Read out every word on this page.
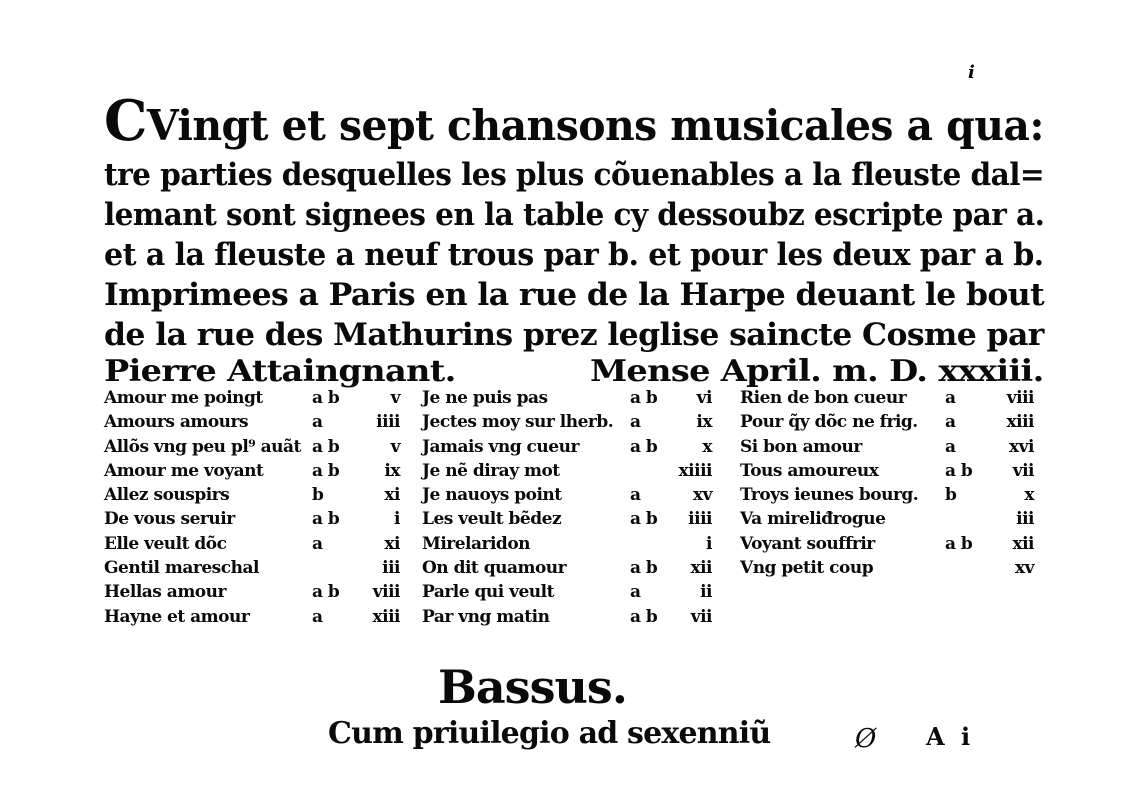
i
CVingt et sept chansons musicales a qua:
tre parties desquelles les plus cõuenables a la fleuste dal=
lemant sont signees en la table cy dessoubz escripte par a.
et a la fleuste a neuf trous par b. et pour les deux par a b.
Imprimees a Paris en la rue de la Harpe deuant le bout
de la rue des Mathurins prez leglise saincte Cosme par
Pierre Attaingnant.	Mense April. m. D. xxxiii.
Amour me poingt	a b	v
Amours amours	a	iiii
Allõs vng peu pl⁹ auãt a b	v
Amour me voyant	a b	ix
Allez souspirs	b	xi
De vous seruir	a b	i
Elle veult dõc	a	xi
Gentil mareschal	iii
Hellas amour	a b	viii
Hayne et amour	a	xiii
Je ne puis pas	a b	vi
Jectes moy sur lherb. a	ix
Jamais vng cueur	a b	x
Je nẽ diray mot	xiiii
Je nauoys point	a	xv
Les veult bẽdez	a b	iiii
Mirelaridon	i
On dit quamour	a b	xii
Parle qui veult	a	ii
Par vng matin	a b	vii
Rien de bon cueur a	viii
Pour q̃y dõc ne frig. a	xiii
Si bon amour	a	xvi
Tous amoureux	a b	vii
Troys ieunes bourg. b	x
Va mireliđrogue	iii
Voyant souffrir	a b	xii
Vng petit coup	xv
Bassus.
Cum priuilegio ad sexenniũ	Ø A i
